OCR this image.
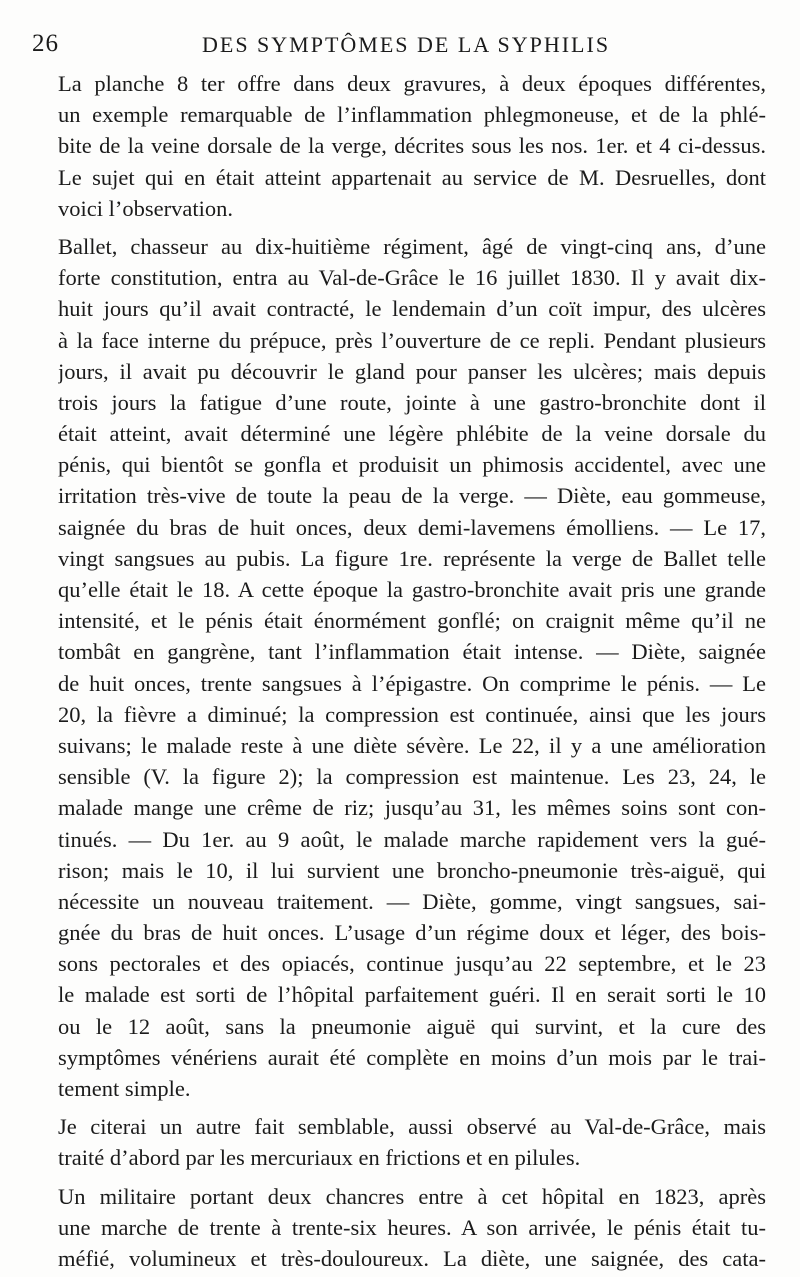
26	DES SYMPTÔMES DE LA SYPHILIS
La planche 8 ter offre dans deux gravures, à deux époques différentes,
un exemple remarquable de l’inflammation phlegmoneuse, et de la phlé-
bite de la veine dorsale de la verge, décrites sous les nos. 1er. et 4 ci-dessus.
Le sujet qui en était atteint appartenait au service de M. Desruelles, dont
voici l’observation.
Ballet, chasseur au dix-huitième régiment, âgé de vingt-cinq ans, d’une
forte constitution, entra au Val-de-Grâce le 16 juillet 1830. Il y avait dix-
huit jours qu’il avait contracté, le lendemain d’un coït impur, des ulcères
à la face interne du prépuce, près l’ouverture de ce repli. Pendant plusieurs
jours, il avait pu découvrir le gland pour panser les ulcères; mais depuis
trois jours la fatigue d’une route, jointe à une gastro-bronchite dont il
était atteint, avait déterminé une légère phlébite de la veine dorsale du
pénis, qui bientôt se gonfla et produisit un phimosis accidentel, avec une
irritation très-vive de toute la peau de la verge. — Diète, eau gommeuse,
saignée du bras de huit onces, deux demi-lavemens émolliens. — Le 17,
vingt sangsues au pubis. La figure 1re. représente la verge de Ballet telle
qu’elle était le 18. A cette époque la gastro-bronchite avait pris une grande
intensité, et le pénis était énormément gonflé; on craignit même qu’il ne
tombât en gangrène, tant l’inflammation était intense. — Diète, saignée
de huit onces, trente sangsues à l’épigastre. On comprime le pénis. — Le
20, la fièvre a diminué; la compression est continuée, ainsi que les jours
suivans; le malade reste à une diète sévère. Le 22, il y a une amélioration
sensible (V. la figure 2); la compression est maintenue. Les 23, 24, le
malade mange une crême de riz; jusqu’au 31, les mêmes soins sont con-
tinués. — Du 1er. au 9 août, le malade marche rapidement vers la gué-
rison; mais le 10, il lui survient une broncho-pneumonie très-aiguë, qui
nécessite un nouveau traitement. — Diète, gomme, vingt sangsues, sai-
gnée du bras de huit onces. L’usage d’un régime doux et léger, des bois-
sons pectorales et des opiacés, continue jusqu’au 22 septembre, et le 23
le malade est sorti de l’hôpital parfaitement guéri. Il en serait sorti le 10
ou le 12 août, sans la pneumonie aiguë qui survint, et la cure des
symptômes vénériens aurait été complète en moins d’un mois par le trai-
tement simple.
Je citerai un autre fait semblable, aussi observé au Val-de-Grâce, mais
traité d’abord par les mercuriaux en frictions et en pilules.
Un militaire portant deux chancres entre à cet hôpital en 1823, après
une marche de trente à trente-six heures. A son arrivée, le pénis était tu-
méfié, volumineux et très-douloureux. La diète, une saignée, des cata-
